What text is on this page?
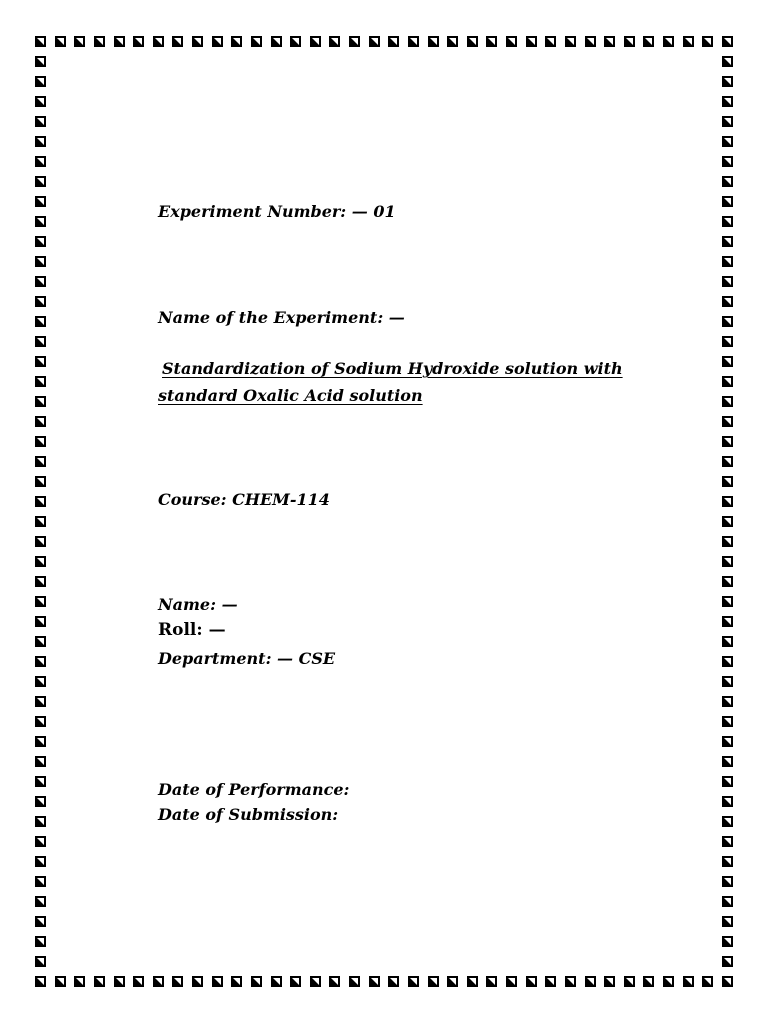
Experiment Number: — 01

Name of the Experiment: —

Standardization of Sodium Hydroxide solution with

standard Oxalic Acid solution

Course: CHEM-114

Name: —

Roll: —

Department: — CSE

Date of Performance:

Date of Submission:
